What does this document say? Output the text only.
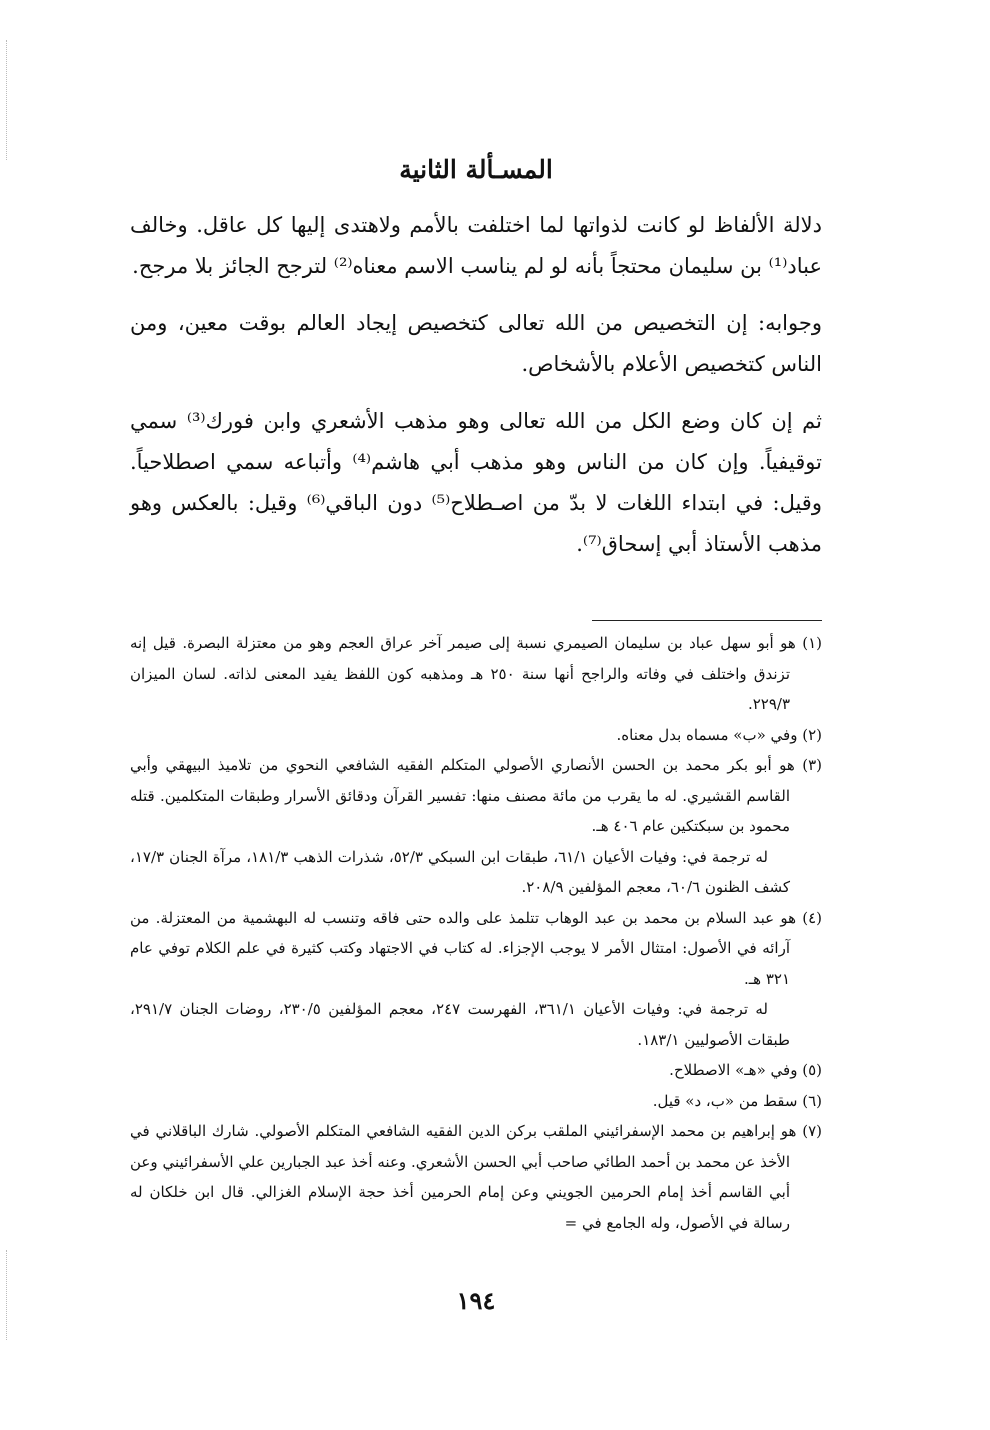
المسـألة الثانية

دلالة الألفاظ لو كانت لذواتها لما اختلفت بالأمم ولاهتدى إليها كل عاقل. وخالف عباد⁽¹⁾ بن سليمان محتجاً بأنه لو لم يناسب الاسم معناه⁽²⁾ لترجح الجائز بلا مرجح.

وجوابه: إن التخصيص من الله تعالى كتخصيص إيجاد العالم بوقت معين، ومن الناس كتخصيص الأعلام بالأشخاص.

ثم إن كان وضع الكل من الله تعالى وهو مذهب الأشعري وابن فورك⁽³⁾ سمي توقيفياً. وإن كان من الناس وهو مذهب أبي هاشم⁽⁴⁾ وأتباعه سمي اصطلاحياً. وقيل: في ابتداء اللغات لا بدّ من اصـطلاح⁽⁵⁾ دون الباقي⁽⁶⁾ وقيل: بالعكس وهو مذهب الأستاذ أبي إسحاق⁽⁷⁾.

(١) هو أبو سهل عباد بن سليمان الصيمري نسبة إلى صيمر آخر عراق العجم وهو من معتزلة البصرة. قيل إنه تزندق واختلف في وفاته والراجح أنها سنة ٢٥٠ هـ ومذهبه كون اللفظ يفيد المعنى لذاته. لسان الميزان ٢٢٩/٣.

(٢) وفي «ب» مسماه بدل معناه.

(٣) هو أبو بكر محمد بن الحسن الأنصاري الأصولي المتكلم الفقيه الشافعي النحوي من تلاميذ البيهقي وأبي القاسم القشيري. له ما يقرب من مائة مصنف منها: تفسير القرآن ودقائق الأسرار وطبقات المتكلمين. قتله محمود بن سبكتكين عام ٤٠٦ هـ.

له ترجمة في: وفيات الأعيان ٦١/١، طبقات ابن السبكي ٥٢/٣، شذرات الذهب ١٨١/٣، مرآة الجنان ١٧/٣، كشف الظنون ٦٠/٦، معجم المؤلفين ٢٠٨/٩.

(٤) هو عبد السلام بن محمد بن عبد الوهاب تتلمذ على والده حتى فاقه وتنسب له البهشمية من المعتزلة. من آرائه في الأصول: امتثال الأمر لا يوجب الإجزاء. له كتاب في الاجتهاد وكتب كثيرة في علم الكلام توفي عام ٣٢١ هـ.

له ترجمة في: وفيات الأعيان ٣٦١/١، الفهرست ٢٤٧، معجم المؤلفين ٢٣٠/٥، روضات الجنان ٢٩١/٧، طبقات الأصوليين ١٨٣/١.

(٥) وفي «هـ» الاصطلاح.

(٦) سقط من «ب، د» قيل.

(٧) هو إبراهيم بن محمد الإسفرائيني الملقب بركن الدين الفقيه الشافعي المتكلم الأصولي. شارك الباقلاني في الأخذ عن محمد بن أحمد الطائي صاحب أبي الحسن الأشعري. وعنه أخذ عبد الجبارين علي الأسفرائيني وعن أبي القاسم أخذ إمام الحرمين الجويني وعن إمام الحرمين أخذ حجة الإسلام الغزالي. قال ابن خلكان له رسالة في الأصول، وله الجامع في =

١٩٤
